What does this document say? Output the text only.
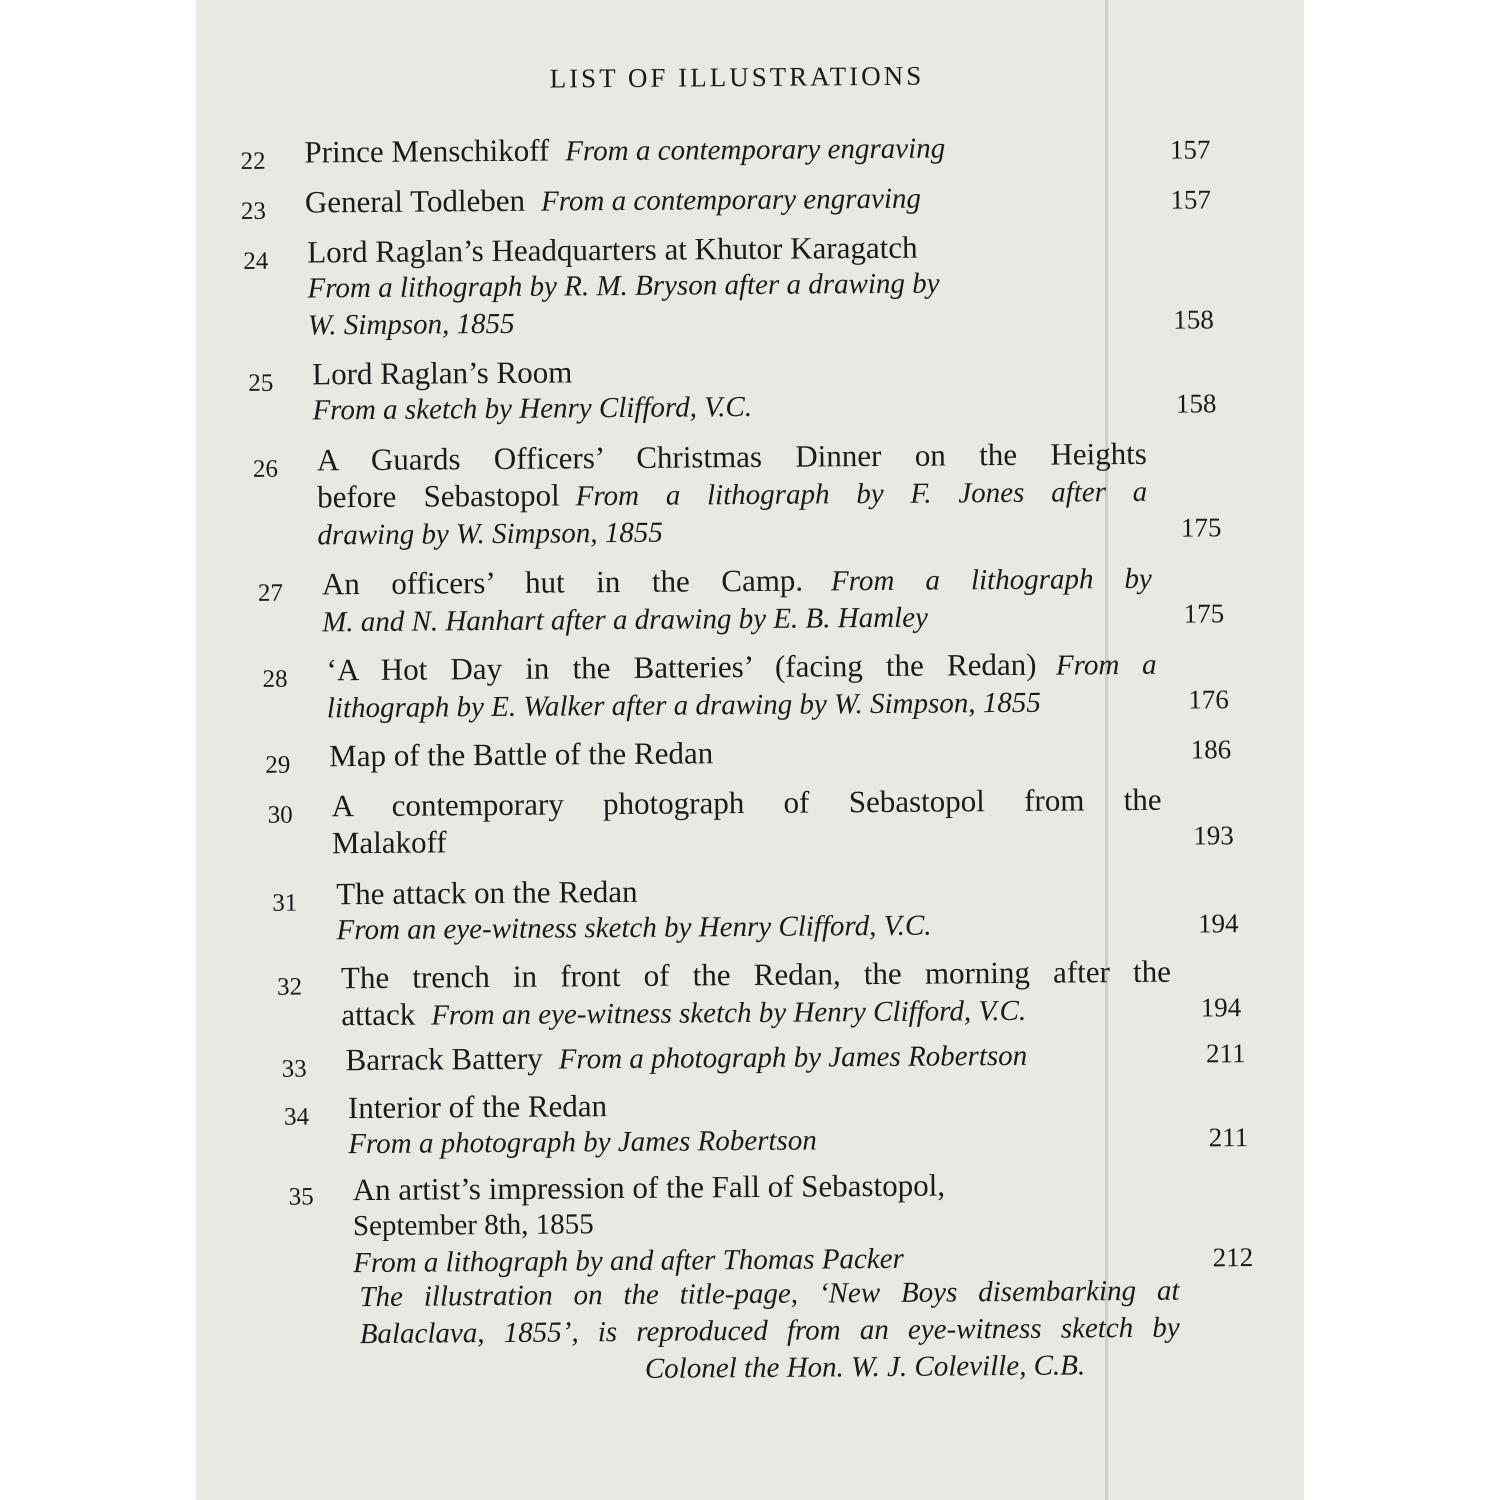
LIST OF ILLUSTRATIONS
22 Prince Menschikoff From a contemporary engraving	157
23 General Todleben From a contemporary engraving	157
24 Lord Raglan’s Headquarters at Khutor Karagatch
From a lithograph by R. M. Bryson after a drawing by
W. Simpson, 1855	158
25 Lord Raglan’s Room
From a sketch by Henry Clifford, V.C.	158
26 A Guards Officers’ Christmas Dinner on the Heights
before Sebastopol From a lithograph by F. Jones after a
drawing by W. Simpson, 1855	175
27 An officers’ hut in the Camp. From a lithograph by
M. and N. Hanhart after a drawing by E. B. Hamley	175
28 ‘A Hot Day in the Batteries’ (facing the Redan) From a
lithograph by E. Walker after a drawing by W. Simpson, 1855	176
29 Map of the Battle of the Redan	186
30 A contemporary photograph of Sebastopol from the
Malakoff	193
31 The attack on the Redan
From an eye-witness sketch by Henry Clifford, V.C.	194
32 The trench in front of the Redan, the morning after the
attack From an eye-witness sketch by Henry Clifford, V.C.	194
33 Barrack Battery From a photograph by James Robertson	211
34 Interior of the Redan
From a photograph by James Robertson	211
35 An artist’s impression of the Fall of Sebastopol,
September 8th, 1855
From a lithograph by and after Thomas Packer	212
The illustration on the title-page, ‘New Boys disembarking at
Balaclava, 1855’, is reproduced from an eye-witness sketch by
Colonel the Hon. W. J. Coleville, C.B.
